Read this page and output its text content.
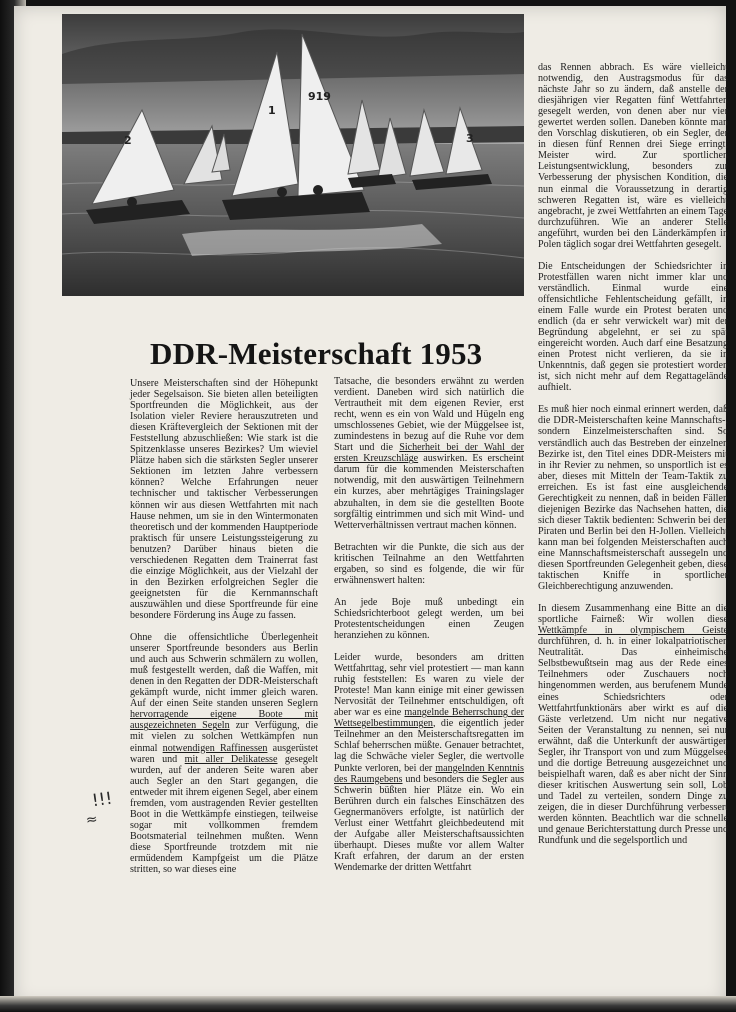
2
919
1
3
DDR-Meisterschaft 1953

Unsere Meisterschaften sind der Höhepunkt jeder Segelsaison. Sie bieten allen beteiligten Sportfreunden die Möglichkeit, aus der Isolation vieler Reviere herauszutreten und diesen Kräftevergleich der Sektionen mit der Feststellung abzuschließen: Wie stark ist die Spitzenklasse unseres Bezirkes? Um wieviel Plätze haben sich die stärksten Segler unserer Sektionen im letzten Jahre verbessern können? Welche Erfahrungen neuer technischer und taktischer Verbesserungen können wir aus diesen Wettfahrten mit nach Hause nehmen, um sie in den Wintermonaten theoretisch und der kommenden Hauptperiode praktisch für unsere Leistungssteigerung zu benutzen? Darüber hinaus bieten die verschiedenen Regatten dem Trainerrat fast die einzige Möglichkeit, aus der Vielzahl der in den Bezirken erfolgreichen Segler die geeignetsten für die Kernmannschaft auszuwählen und diese Sportfreunde für eine besondere Förderung ins Auge zu fassen.

Ohne die offensichtliche Überlegenheit unserer Sportfreunde besonders aus Berlin und auch aus Schwerin schmälern zu wollen, muß festgestellt werden, daß die Waffen, mit denen in den Regatten der DDR-Meisterschaft gekämpft wurde, nicht immer gleich waren. Auf der einen Seite standen unseren Seglern hervorragende eigene Boote mit ausgezeichneten Segeln zur Verfügung, die mit vielen zu solchen Wettkämpfen nun einmal notwendigen Raffinessen ausgerüstet waren und mit aller Delikatesse gesegelt wurden, auf der anderen Seite waren aber auch Segler an den Start gegangen, die entweder mit ihrem eigenen Segel, aber einem fremden, vom austragenden Revier gestellten Boot in die Wettkämpfe einstiegen, teilweise sogar mit vollkommen fremdem Bootsmaterial teilnehmen mußten. Wenn diese Sportfreunde trotzdem mit nie ermüdendem Kampfgeist um die Plätze stritten, so war dieses eine

Tatsache, die besonders erwähnt zu werden verdient. Daneben wird sich natürlich die Vertrautheit mit dem eigenen Revier, erst recht, wenn es ein von Wald und Hügeln eng umschlossenes Gebiet, wie der Müggelsee ist, zumindestens in bezug auf die Ruhe vor dem Start und die Sicherheit bei der Wahl der ersten Kreuzschläge auswirken. Es erscheint darum für die kommenden Meisterschaften notwendig, mit den auswärtigen Teilnehmern ein kurzes, aber mehrtägiges Trainingslager abzuhalten, in dem sie die gestellten Boote sorgfältig eintrimmen und sich mit Wind- und Wetterverhältnissen vertraut machen können.

Betrachten wir die Punkte, die sich aus der kritischen Teilnahme an den Wettfahrten ergaben, so sind es folgende, die wir für erwähnenswert halten:

An jede Boje muß unbedingt ein Schiedsrichterboot gelegt werden, um bei Protestentscheidungen einen Zeugen heranziehen zu können.

Leider wurde, besonders am dritten Wettfahrttag, sehr viel protestiert — man kann ruhig feststellen: Es waren zu viele der Proteste! Man kann einige mit einer gewissen Nervosität der Teilnehmer entschuldigen, oft aber war es eine mangelnde Beherrschung der Wettsegelbestimmungen, die eigentlich jeder Teilnehmer an den Meisterschaftsregatten im Schlaf beherrschen müßte. Genauer betrachtet, lag die Schwäche vieler Segler, die wertvolle Punkte verloren, bei der mangelnden Kenntnis des Raumgebens und besonders die Segler aus Schwerin büßten hier Plätze ein. Wo ein Berühren durch ein falsches Einschätzen des Gegnermanövers erfolgte, ist natürlich der Verlust einer Wettfahrt gleichbedeutend mit der Aufgabe aller Meisterschaftsaussichten überhaupt. Dieses mußte vor allem Walter Kraft erfahren, der darum an der ersten Wendemarke der dritten Wettfahrt

das Rennen abbrach. Es wäre vielleicht notwendig, den Austragsmodus für das nächste Jahr so zu ändern, daß anstelle der diesjährigen vier Regatten fünf Wettfahrten gesegelt werden, von denen aber nur vier gewertet werden sollen. Daneben könnte man den Vorschlag diskutieren, ob ein Segler, der in diesen fünf Rennen drei Siege erringt, Meister wird. Zur sportlichen Leistungsentwicklung, besonders zur Verbesserung der physischen Kondition, die nun einmal die Voraussetzung in derartig schweren Regatten ist, wäre es vielleicht angebracht, je zwei Wettfahrten an einem Tage durchzuführen. Wie an anderer Stelle angeführt, wurden bei den Länderkämpfen in Polen täglich sogar drei Wettfahrten gesegelt.

Die Entscheidungen der Schiedsrichter in Protestfällen waren nicht immer klar und verständlich. Einmal wurde eine offensichtliche Fehlentscheidung gefällt, in einem Falle wurde ein Protest beraten und endlich (da er sehr verwickelt war) mit der Begründung abgelehnt, er sei zu spät eingereicht worden. Auch darf eine Besatzung einen Protest nicht verlieren, da sie in Unkenntnis, daß gegen sie protestiert worden ist, sich nicht mehr auf dem Regattagelände aufhielt.

Es muß hier noch einmal erinnert werden, daß die DDR-Meisterschaften keine Mannschafts-, sondern Einzelmeisterschaften sind. So verständlich auch das Bestreben der einzelnen Bezirke ist, den Titel eines DDR-Meisters mit in ihr Revier zu nehmen, so unsportlich ist es aber, dieses mit Mitteln der Team-Taktik zu erreichen. Es ist fast eine ausgleichende Gerechtigkeit zu nennen, daß in beiden Fällen diejenigen Bezirke das Nachsehen hatten, die sich dieser Taktik bedienten: Schwerin bei den Piraten und Berlin bei den H-Jollen. Vielleicht kann man bei folgenden Meisterschaften auch eine Mannschaftsmeisterschaft aussegeln und diesen Sportfreunden Gelegenheit geben, diese taktischen Kniffe in sportlicher Gleichberechtigung anzuwenden.

In diesem Zusammenhang eine Bitte an die sportliche Fairneß: Wir wollen diese Wettkämpfe in olympischem Geiste durchführen, d. h. in einer lokalpatriotischen Neutralität. Das einheimische Selbstbewußtsein mag aus der Rede eines Teilnehmers oder Zuschauers noch hingenommen werden, aus berufenem Munde eines Schiedsrichters oder Wettfahrtfunktionärs aber wirkt es auf die Gäste verletzend. Um nicht nur negative Seiten der Veranstaltung zu nennen, sei nur erwähnt, daß die Unterkunft der auswärtigen Segler, ihr Transport von und zum Müggelsee und die dortige Betreuung ausgezeichnet und beispielhaft waren, daß es aber nicht der Sinn dieser kritischen Auswertung sein soll, Lob und Tadel zu verteilen, sondern Dinge zu zeigen, die in dieser Durchführung verbessert werden könnten. Beachtlich war die schnelle und genaue Berichterstattung durch Presse und Rundfunk und die segelsportlich und

!!!
≈
